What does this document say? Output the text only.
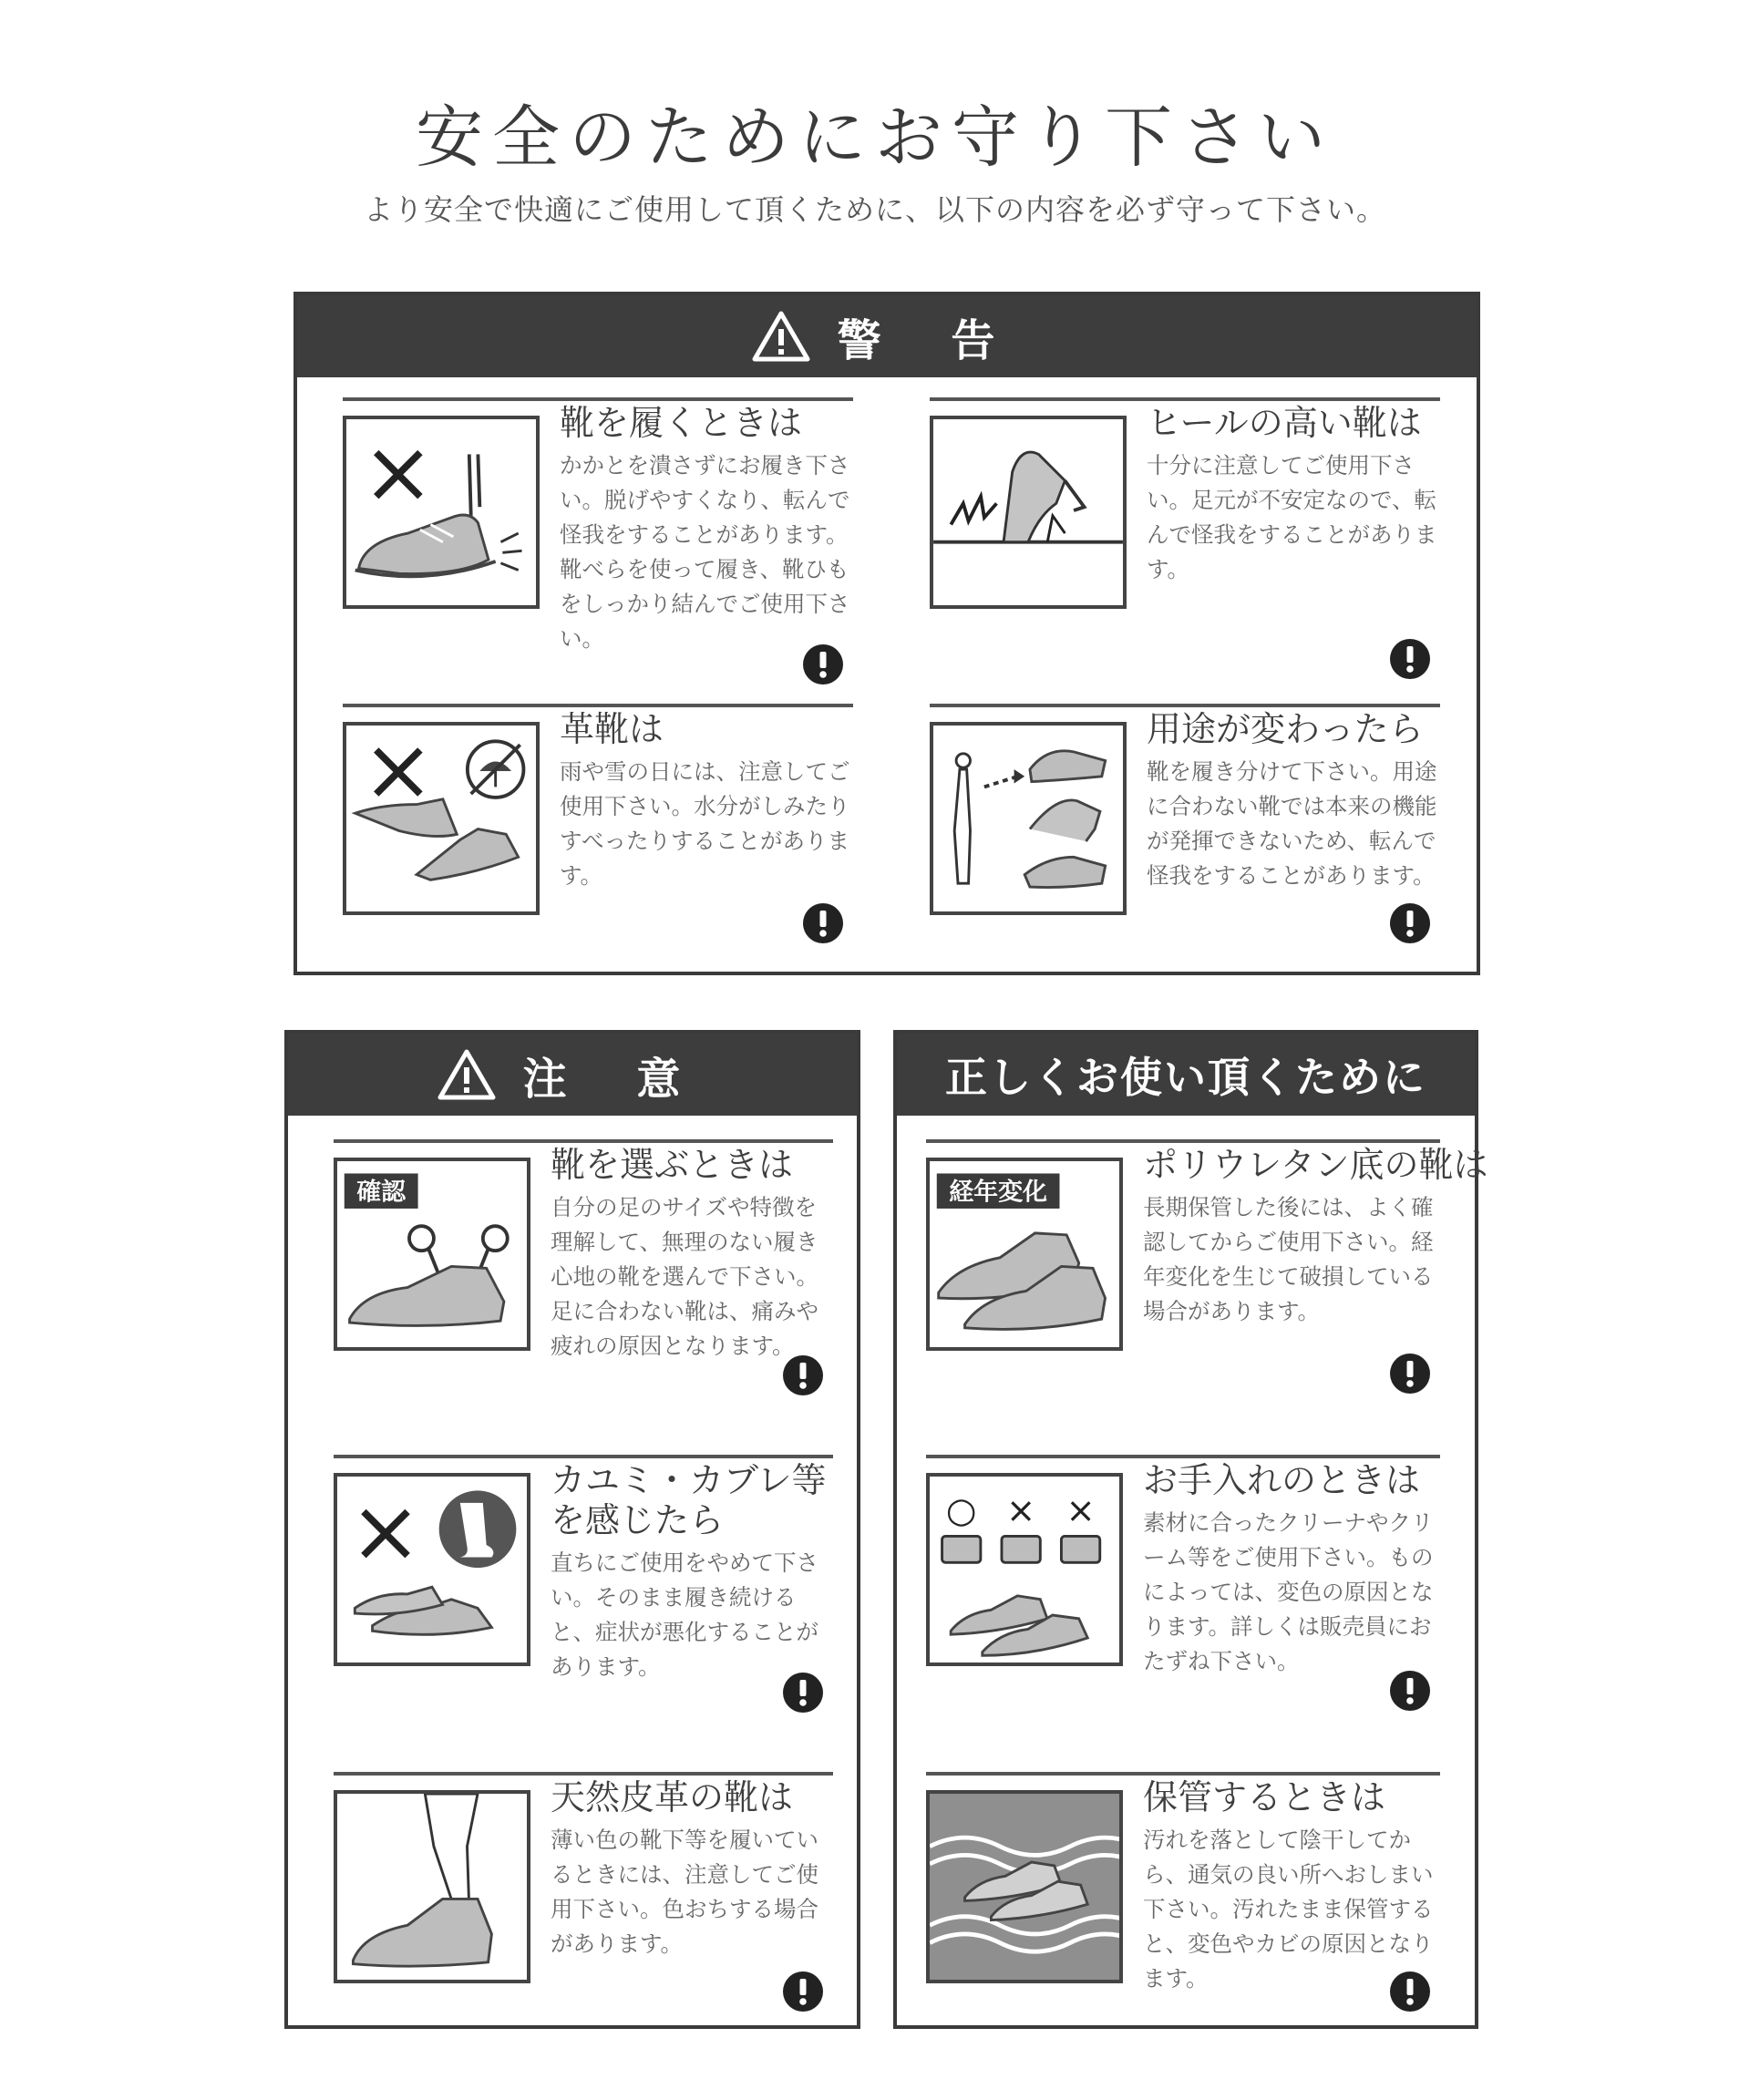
安全のためにお守り下さい
より安全で快適にご使用して頂くために、以下の内容を必ず守って下さい。
警 告
靴を履くときは
かかとを潰さずにお履き下さい。脱げやすくなり、転んで怪我をすることがあります。靴べらを使って履き、靴ひもをしっかり結んでご使用下さい。
ヒールの高い靴は
十分に注意してご使用下さい。足元が不安定なので、転んで怪我をすることがあります。
革靴は
雨や雪の日には、注意してご使用下さい。水分がしみたりすべったりすることがあります。
用途が変わったら
靴を履き分けて下さい。用途に合わない靴では本来の機能が発揮できないため、転んで怪我をすることがあります。
注 意
確認
靴を選ぶときは
自分の足のサイズや特徴を理解して、無理のない履き心地の靴を選んで下さい。足に合わない靴は、痛みや疲れの原因となります。
カユミ・カブレ等を感じたら
直ちにご使用をやめて下さい。そのまま履き続けると、症状が悪化することがあります。
天然皮革の靴は
薄い色の靴下等を履いているときには、注意してご使用下さい。色おちする場合があります。
正しくお使い頂くために
経年変化
ポリウレタン底の靴は
長期保管した後には、よく確認してからご使用下さい。経年変化を生じて破損している場合があります。
○ × ×
お手入れのときは
素材に合ったクリーナやクリーム等をご使用下さい。ものによっては、変色の原因となります。詳しくは販売員におたずね下さい。
保管するときは
汚れを落として陰干してから、通気の良い所へおしまい下さい。汚れたまま保管すると、変色やカビの原因となります。
